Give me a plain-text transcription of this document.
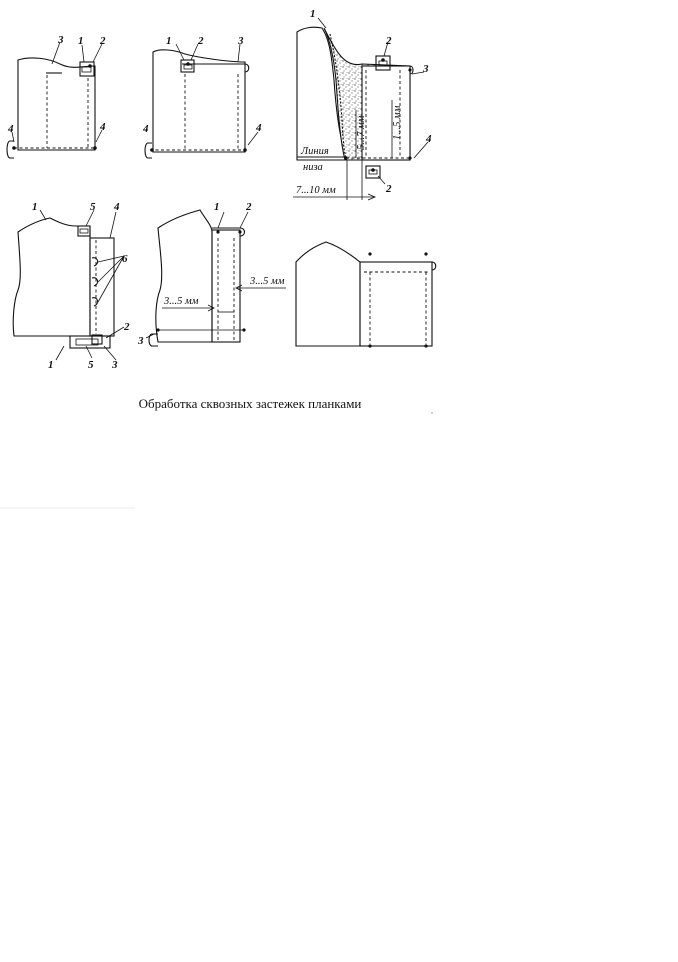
3 1 2
4	4
1 2	3
4	4
1
2
3
4
2
5...7 мм 1...5 мм
7...10 мм
Линия
низа
1	5 4
6
2
1	5 3
1 2
3
3...5 мм
3...5 мм
Обработка сквозных застежек планками
